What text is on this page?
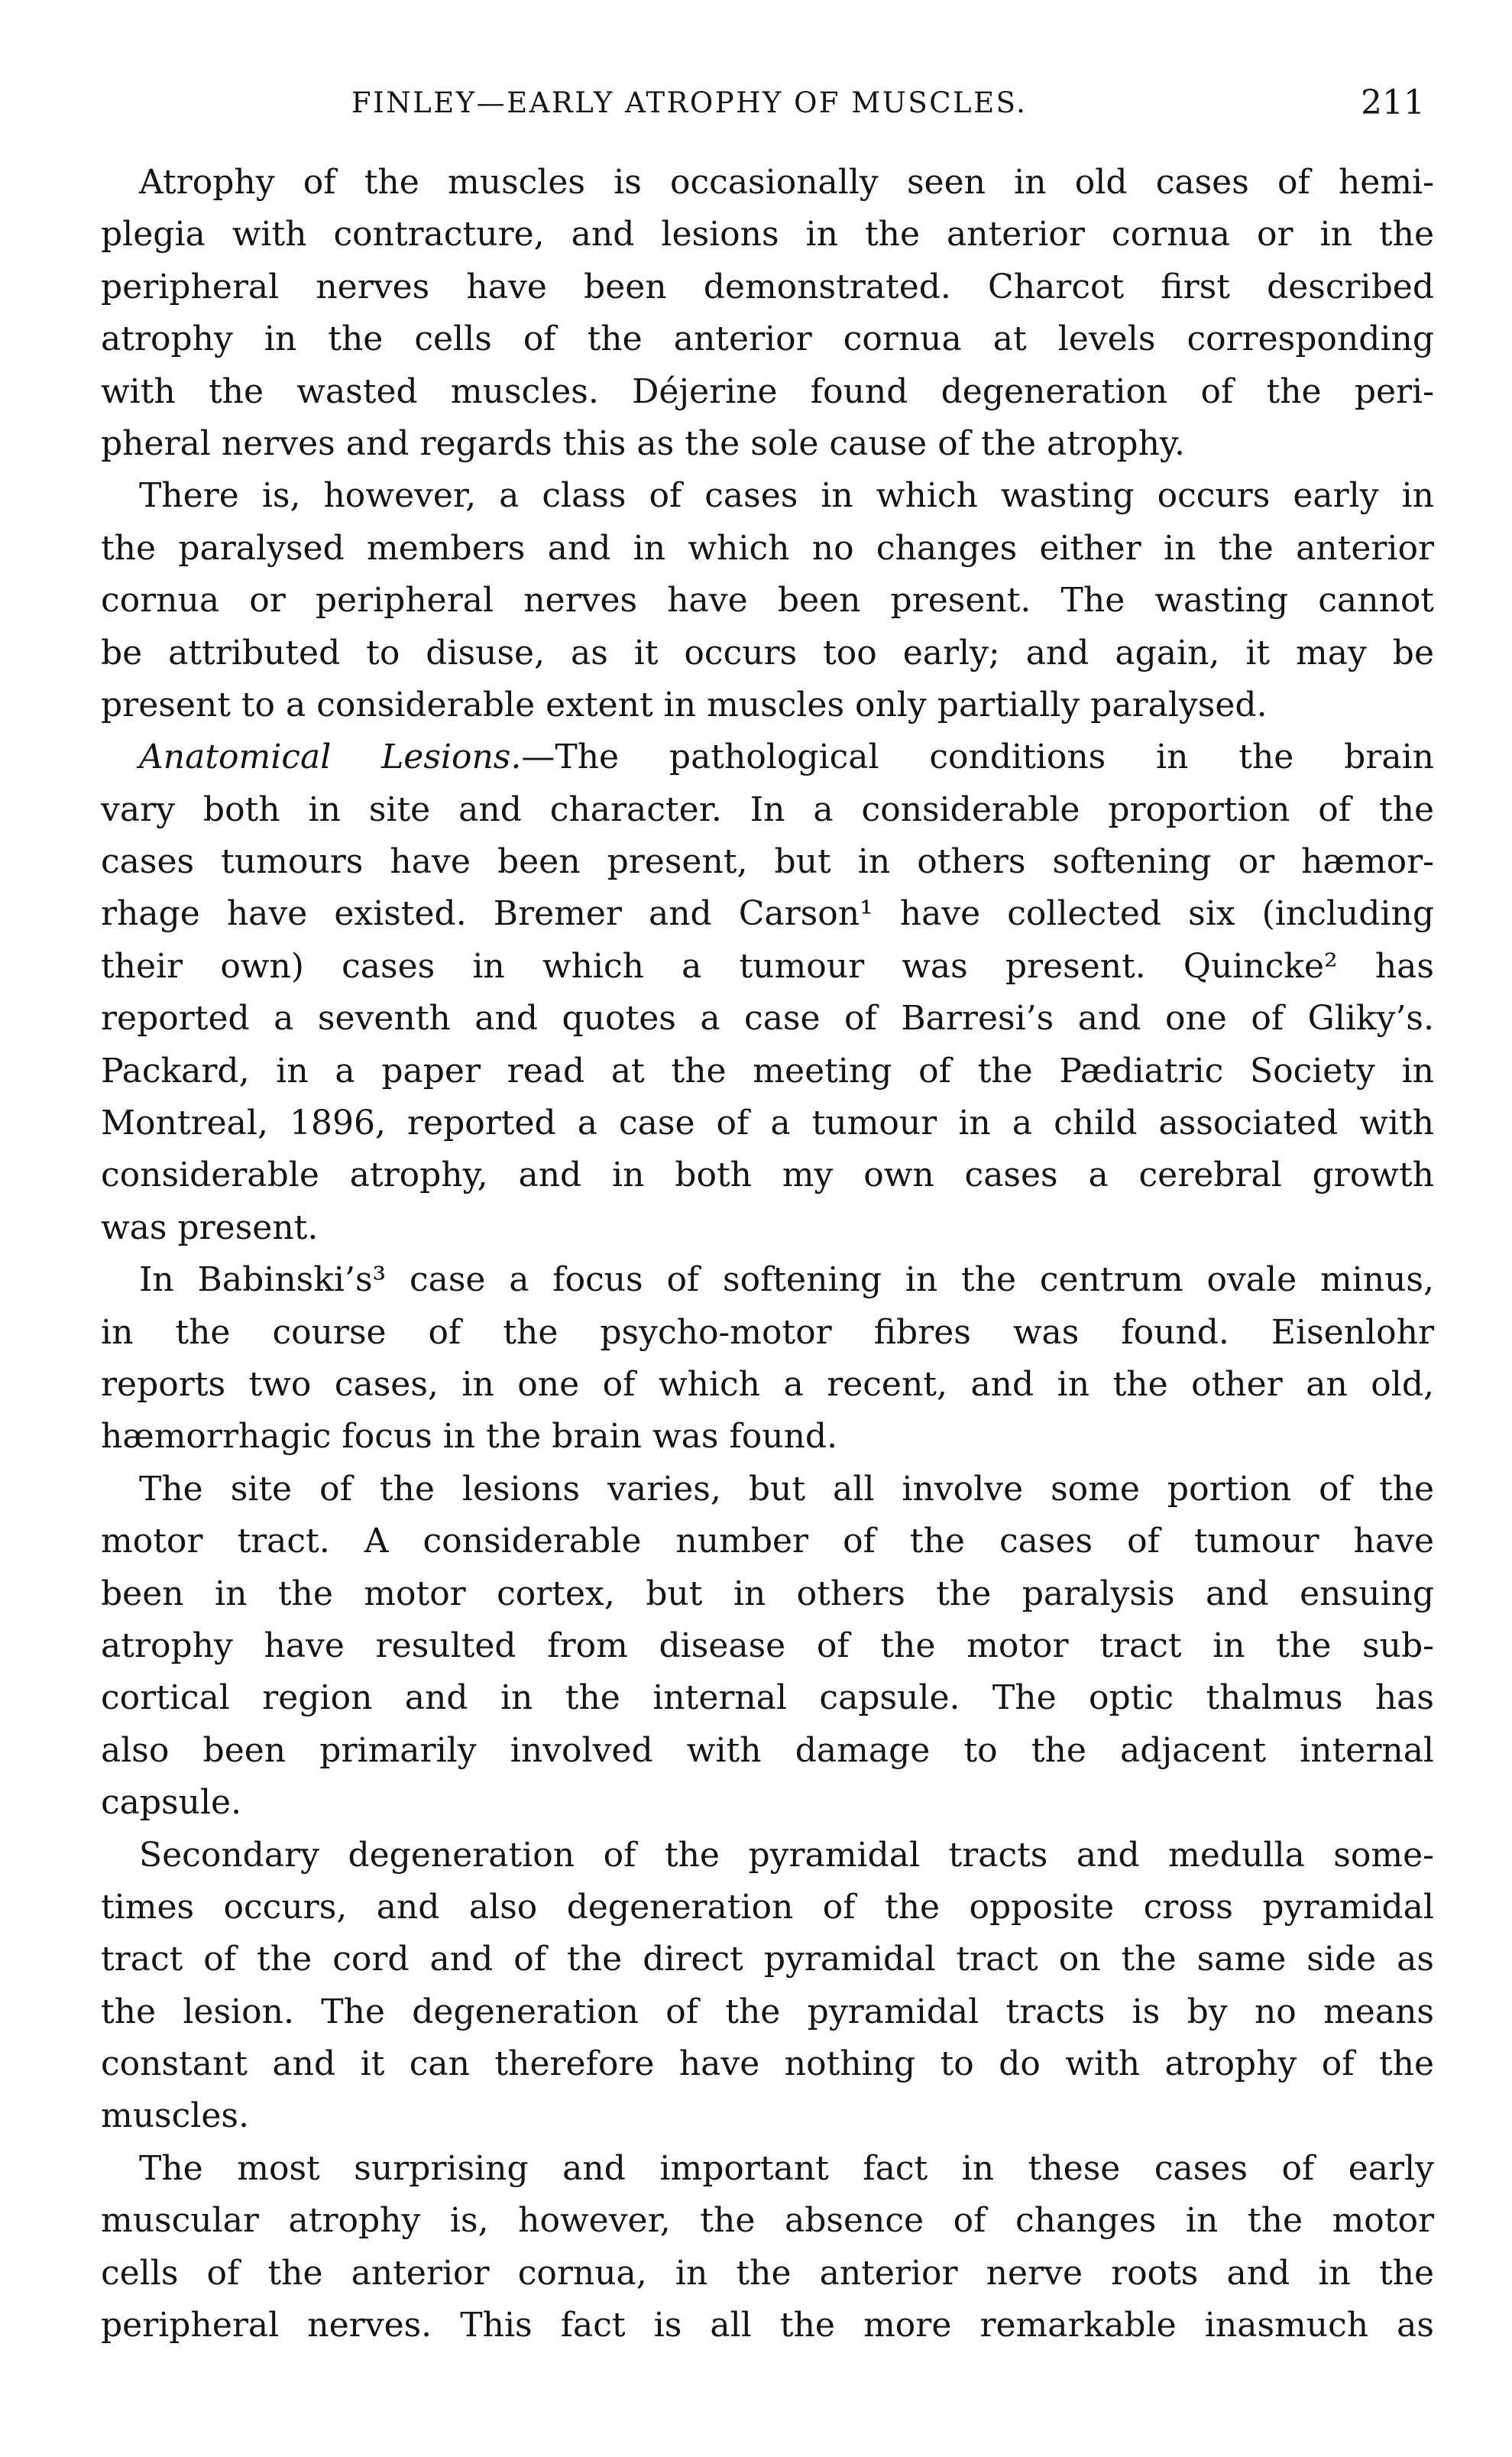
FINLEY—EARLY ATROPHY OF MUSCLES.	211
Atrophy of the muscles is occasionally seen in old cases of hemi-
plegia with contracture, and lesions in the anterior cornua or in the
peripheral nerves have been demonstrated. Charcot first described
atrophy in the cells of the anterior cornua at levels corresponding
with the wasted muscles. Déjerine found degeneration of the peri-
pheral nerves and regards this as the sole cause of the atrophy.
There is, however, a class of cases in which wasting occurs early in
the paralysed members and in which no changes either in the anterior
cornua or peripheral nerves have been present. The wasting cannot
be attributed to disuse, as it occurs too early; and again, it may be
present to a considerable extent in muscles only partially paralysed.
Anatomical Lesions.—The pathological conditions in the brain
vary both in site and character. In a considerable proportion of the
cases tumours have been present, but in others softening or hæmor-
rhage have existed. Bremer and Carson¹ have collected six (including
their own) cases in which a tumour was present. Quincke² has
reported a seventh and quotes a case of Barresi’s and one of Gliky’s.
Packard, in a paper read at the meeting of the Pædiatric Society in
Montreal, 1896, reported a case of a tumour in a child associated with
considerable atrophy, and in both my own cases a cerebral growth
was present.
In Babinski’s³ case a focus of softening in the centrum ovale minus,
in the course of the psycho-motor fibres was found. Eisenlohr
reports two cases, in one of which a recent, and in the other an old,
hæmorrhagic focus in the brain was found.
The site of the lesions varies, but all involve some portion of the
motor tract. A considerable number of the cases of tumour have
been in the motor cortex, but in others the paralysis and ensuing
atrophy have resulted from disease of the motor tract in the sub-
cortical region and in the internal capsule. The optic thalmus has
also been primarily involved with damage to the adjacent internal
capsule.
Secondary degeneration of the pyramidal tracts and medulla some-
times occurs, and also degeneration of the opposite cross pyramidal
tract of the cord and of the direct pyramidal tract on the same side as
the lesion. The degeneration of the pyramidal tracts is by no means
constant and it can therefore have nothing to do with atrophy of the
muscles.
The most surprising and important fact in these cases of early
muscular atrophy is, however, the absence of changes in the motor
cells of the anterior cornua, in the anterior nerve roots and in the
peripheral nerves. This fact is all the more remarkable inasmuch as
